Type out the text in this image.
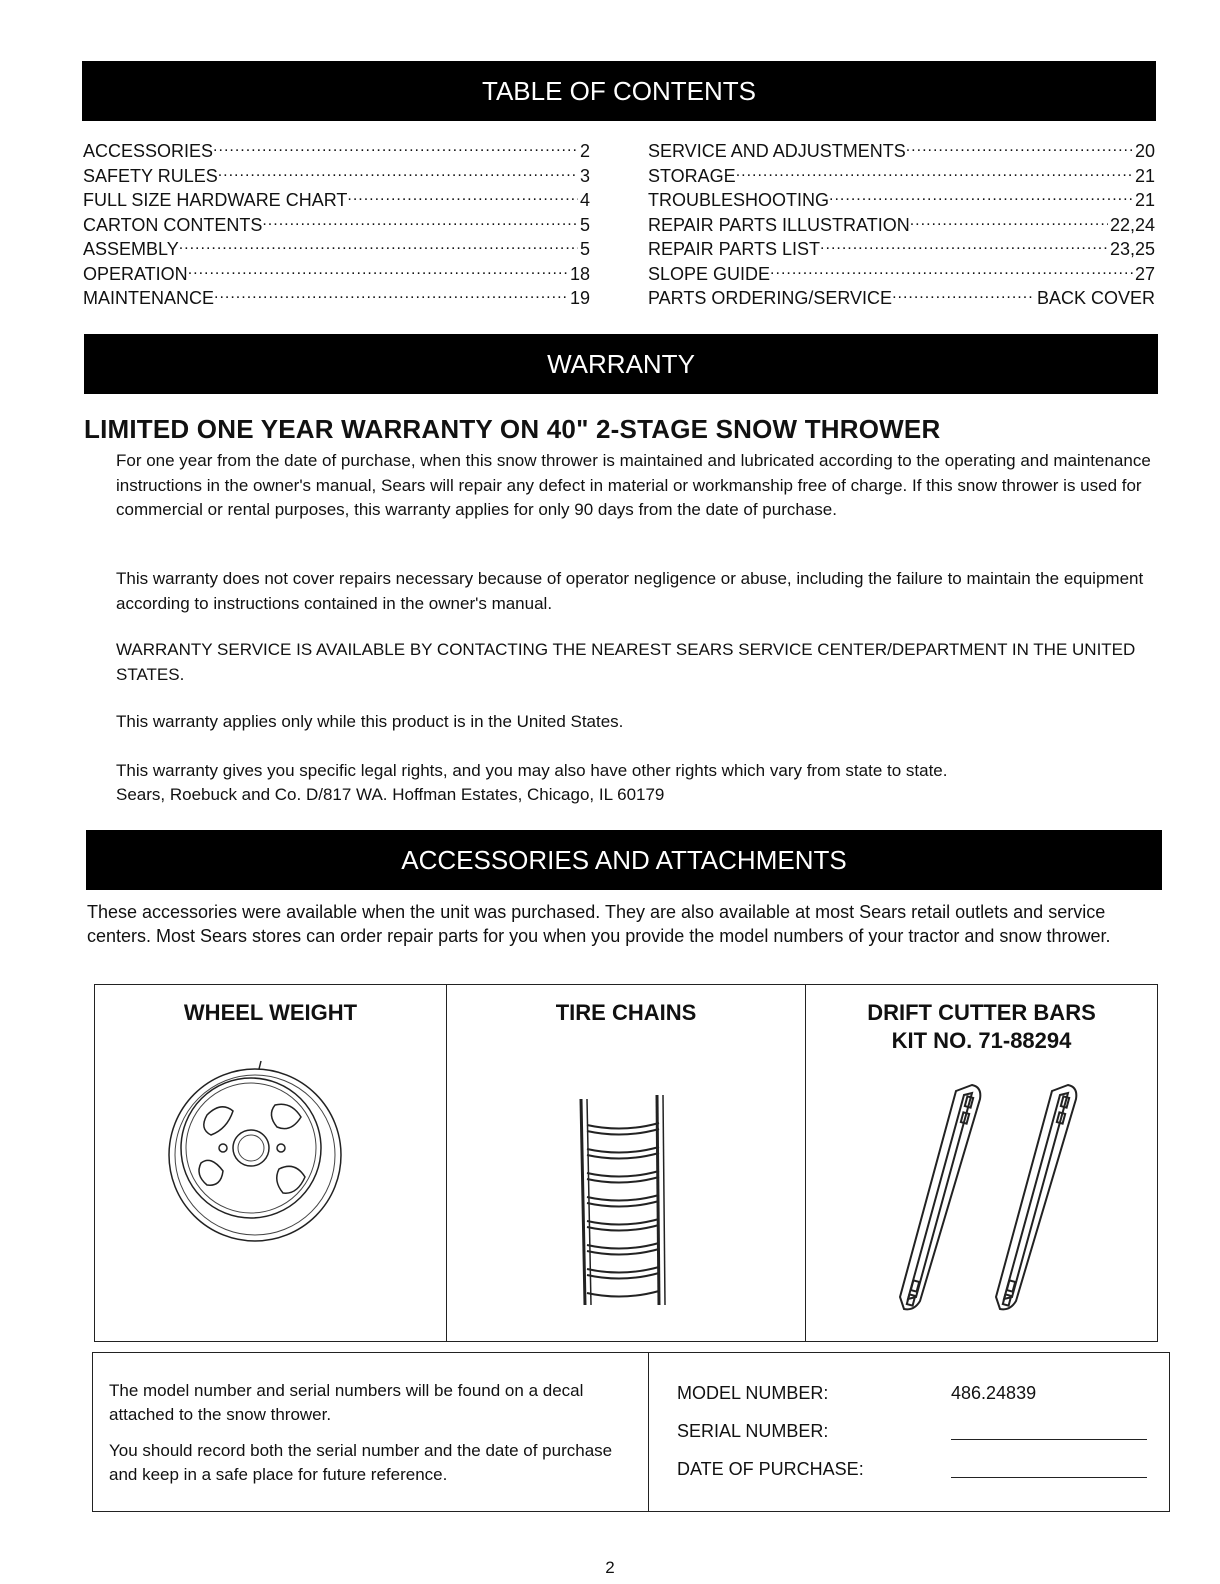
TABLE OF CONTENTS
ACCESSORIES .....	2
SAFETY RULES .....	3
FULL SIZE HARDWARE CHART .....	4
CARTON CONTENTS .....	5
ASSEMBLY .....	5
OPERATION .....	18
MAINTENANCE .....	19
SERVICE AND ADJUSTMENTS .....	20
STORAGE .....	21
TROUBLESHOOTING .....	21
REPAIR PARTS ILLUSTRATION .....	22,24
REPAIR PARTS LIST .....	23,25
SLOPE GUIDE .....	27
PARTS ORDERING/SERVICE .....	BACK COVER
WARRANTY
LIMITED ONE YEAR WARRANTY ON 40" 2-STAGE SNOW THROWER

For one year from the date of purchase, when this snow thrower is maintained and lubricated according to the operating and maintenance instructions in the owner's manual, Sears will repair any defect in material or workmanship free of charge. If this snow thrower is used for commercial or rental purposes, this warranty applies for only 90 days from the date of purchase.

This warranty does not cover repairs necessary because of operator negligence or abuse, including the failure to maintain the equipment according to instructions contained in the owner's manual.

WARRANTY SERVICE IS AVAILABLE BY CONTACTING THE NEAREST SEARS SERVICE CENTER/DEPARTMENT IN THE UNITED STATES.

This warranty applies only while this product is in the United States.

This warranty gives you specific legal rights, and you may also have other rights which vary from state to state.

Sears, Roebuck and Co. D/817 WA. Hoffman Estates, Chicago, IL 60179

ACCESSORIES AND ATTACHMENTS

These accessories were available when the unit was purchased. They are also available at most Sears retail outlets and service centers. Most Sears stores can order repair parts for you when you provide the model numbers of your tractor and snow thrower.

WHEEL WEIGHT	TIRE CHAINS	DRIFT CUTTER BARS
KIT NO. 71-88294

The model number and serial numbers will be found on a decal attached to the snow thrower.

You should record both the serial number and the date of purchase and keep in a safe place for future reference.

MODEL NUMBER:	486.24839
SERIAL NUMBER:
DATE OF PURCHASE:
2
